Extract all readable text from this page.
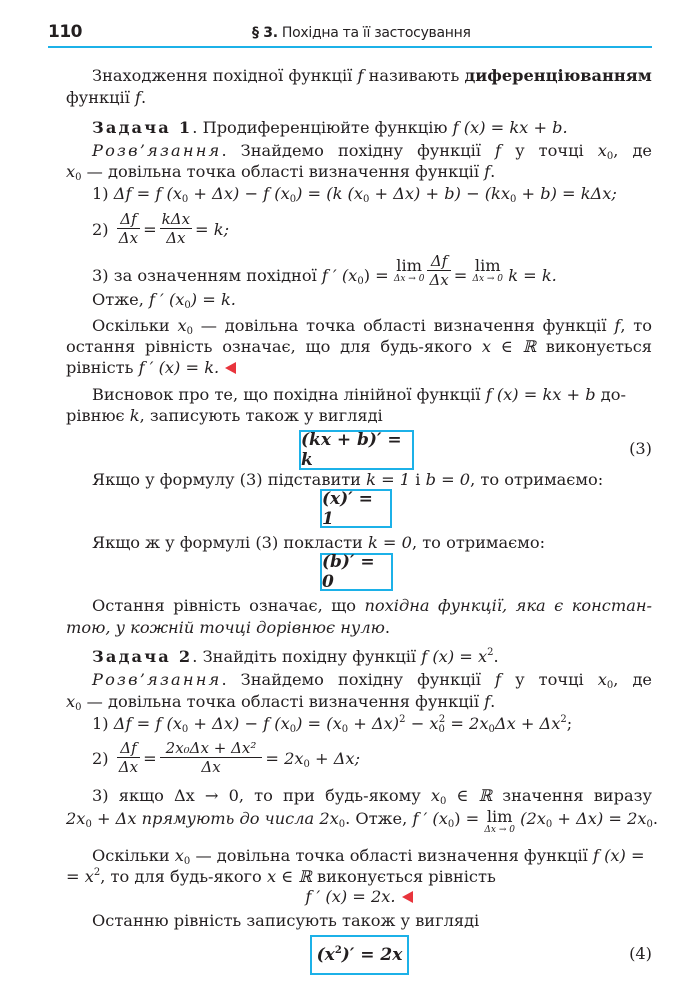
110	§ 3. Похідна та її застосування
Знаходження похідної функції f називають диференціюванням
функції f.
Задача 1. Продиференціюйте функцію f (x) = kx + b.
Розв’язання. Знайдемо похідну функції f у точці $x_0$, де
$x_0$ — довільна точка області визначення функції f.
1) Δf = f $(x_0 + \Delta x) - f$ $(x_0) = (k$ $(x_0 + \Delta x) + b) - (kx_0 + b) = k\Delta x$;
$2) \frac{\Delta f}{\Delta x} = \frac{\text{kΔx}}{\Delta x} = k$;
3) за означенням похідної f ′ $(x_0)$ =
lim
$\Delta x \to 0 \frac{\Delta f}{\Delta x}$ =
lim
Δx → 0 k = k.
Отже, f ′ $(x_0) = k$.
Оскільки $x_0$ — довільна точка області визначення функції f, то
остання рівність означає, що для будь-якого x ∈ ℝ виконується
рівність f ′ (x) = k.
Висновок про те, що похідна лінійної функції f (x) = kx + b до-
рівнює k, записують також у вигляді
(kx + b)′ = k
(3)
Якщо у формулу (3) підставити k = 1 і b = 0, то отримаємо:
(x)′ = 1
Якщо ж у формулі (3) покласти k = 0, то отримаємо:
(b)′ = 0
Остання рівність означає, що похідна функції, яка є констан-
тою, у кожній точці дорівнює нулю.
Задача 2. Знайдіть похідну функції f $(x) = x^2$.
Розв’язання. Знайдемо похідну функції f у точці $x_0$, де
$x_0$ — довільна точка області визначення функції f.
1) Δf = f $(x_0 + \Delta x) - f$ $(x_0) = (x_0 + \Delta x)^2 - x_0^2 = 2x_0\Delta x + \Delta x^2$;
$2) \frac{\Delta f}{\Delta x} = \frac{\text{2x₀Δx + Δx²}}{\Delta x} = 2x_0 + \Delta x$;
3) якщо Δx → 0, то при будь-якому $x_0$ ∈ ℝ значення виразу
$2x_0 + \Delta x$ прямують до числа $2x_0$. Отже, f ′ $(x_0) = \lim$
Δx → 0
$(2x_0 + \Delta x) = 2x_0$.
Оскільки $x_0$ — довільна точка області визначення функції f (x) =
= $x^2$, то для будь-якого x ∈ ℝ виконується рівність
f ′ (x) = 2x.
Останню рівність записують також у вигляді
$(x^2)' = 2x$	(4)
